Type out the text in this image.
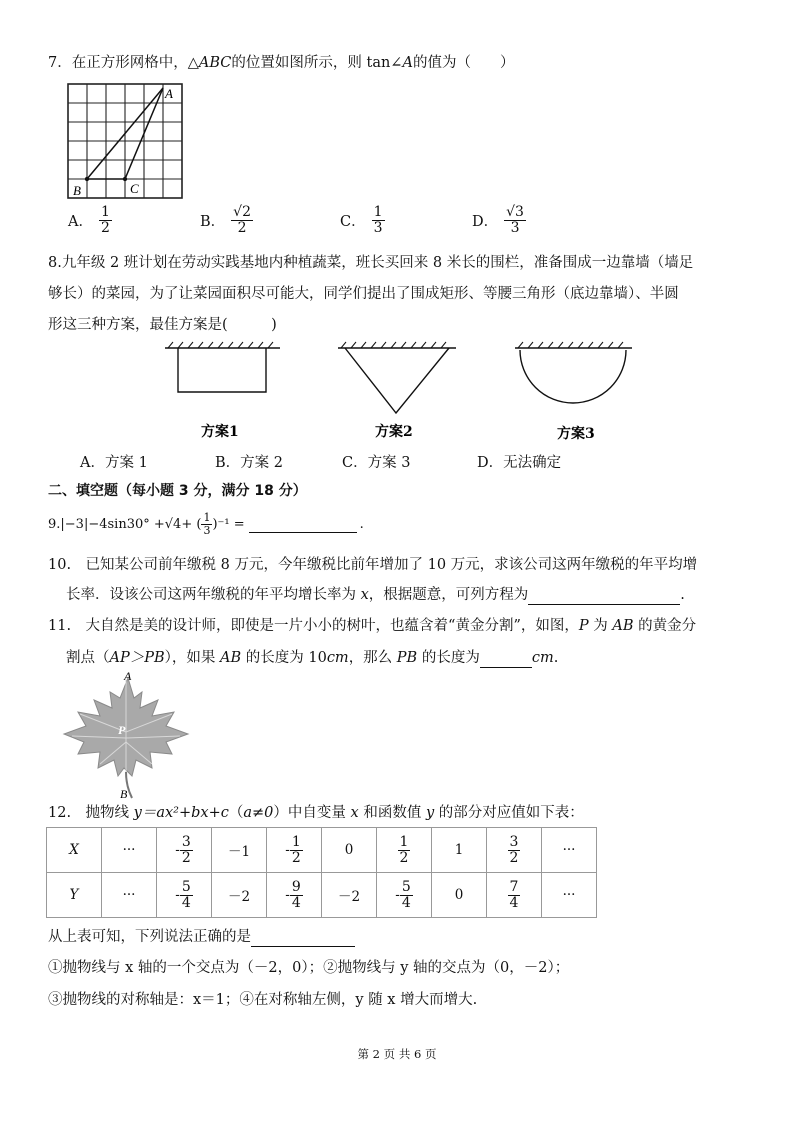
7．在正方形网格中，△ABC的位置如图所示，则 tan∠A的值为（　　）
A
B	C
A． $\frac{1}{2}$	B． $\frac{√2}{2}$	C． $\frac{1}{3}$	D． $\frac{√3}{3}$
8.九年级 2 班计划在劳动实践基地内种植蔬菜，班长买回来 8 米长的围栏，准备围成一边靠墙（墙足
够长）的菜园，为了让菜园面积尽可能大，同学们提出了围成矩形、等腰三角形（底边靠墙）、半圆
形这三种方案，最佳方案是(　　　)
方案1	方案2	方案3
A．方案 1	B．方案 2	C．方案 3	D．无法确定
二、填空题（每小题 3 分，满分 18 分）
9. |−3|−4sin30° + √4 + ( $\frac{1}{3} )^{-1}$ =	.
10.　已知某公司前年缴税 8 万元，今年缴税比前年增加了 10 万元，求该公司这两年缴税的年平均增
长率．设该公司这两年缴税的年平均增长率为 x，根据题意，可列方程为	.
11.　大自然是美的设计师，即使是一片小小的树叶，也蕴含着“黄金分割”，如图，P 为 AB 的黄金分
割点（AP＞PB），如果 AB 的长度为 10cm，那么 PB 的长度为	cm.
A
P
B
12.　抛物线 y＝ax²+bx+c（a≠0）中自变量 x 和函数值 y 的部分对应值如下表：
X	···	- $\frac{3}{2}$	－1	- $\frac{1}{2}$	0	$\frac{1}{2}$	1	$\frac{3}{2}$	···
Y	···	- $\frac{5}{4}$	－2	- $\frac{9}{4}$	－2	- $\frac{5}{4}$	0	$\frac{7}{4}$	···
从上表可知，下列说法正确的是
①抛物线与 x 轴的一个交点为（－2，0）；②抛物线与 y 轴的交点为（0，－2）；
③抛物线的对称轴是：x＝1；④在对称轴左侧，y 随 x 增大而增大.
第 2 页 共 6 页
